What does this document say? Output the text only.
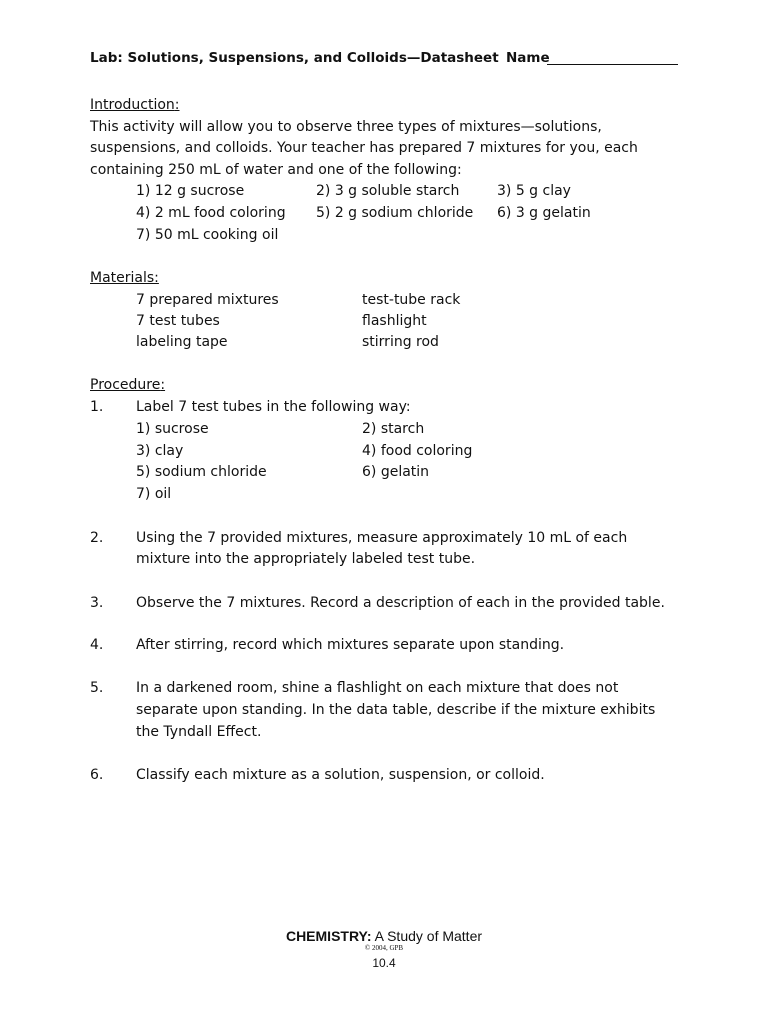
Lab: Solutions, Suspensions, and Colloids—Datasheet Name
Introduction:
This activity will allow you to observe three types of mixtures—solutions,
suspensions, and colloids. Your teacher has prepared 7 mixtures for you, each
containing 250 mL of water and one of the following:
1) 12 g sucrose	2) 3 g soluble starch	3) 5 g clay
4) 2 mL food coloring 5) 2 g sodium chloride 6) 3 g gelatin
7) 50 mL cooking oil
Materials:
7 prepared mixtures	test-tube rack
7 test tubes	flashlight
labeling tape	stirring rod
Procedure:
1. Label 7 test tubes in the following way:
1) sucrose	2) starch
3) clay	4) food coloring
5) sodium chloride	6) gelatin
7) oil
2. Using the 7 provided mixtures, measure approximately 10 mL of each
mixture into the appropriately labeled test tube.
3. Observe the 7 mixtures. Record a description of each in the provided table.
4. After stirring, record which mixtures separate upon standing.
5. In a darkened room, shine a flashlight on each mixture that does not
separate upon standing. In the data table, describe if the mixture exhibits
the Tyndall Effect.
6. Classify each mixture as a solution, suspension, or colloid.
CHEMISTRY: A Study of Matter
© 2004, GPB
10.4
